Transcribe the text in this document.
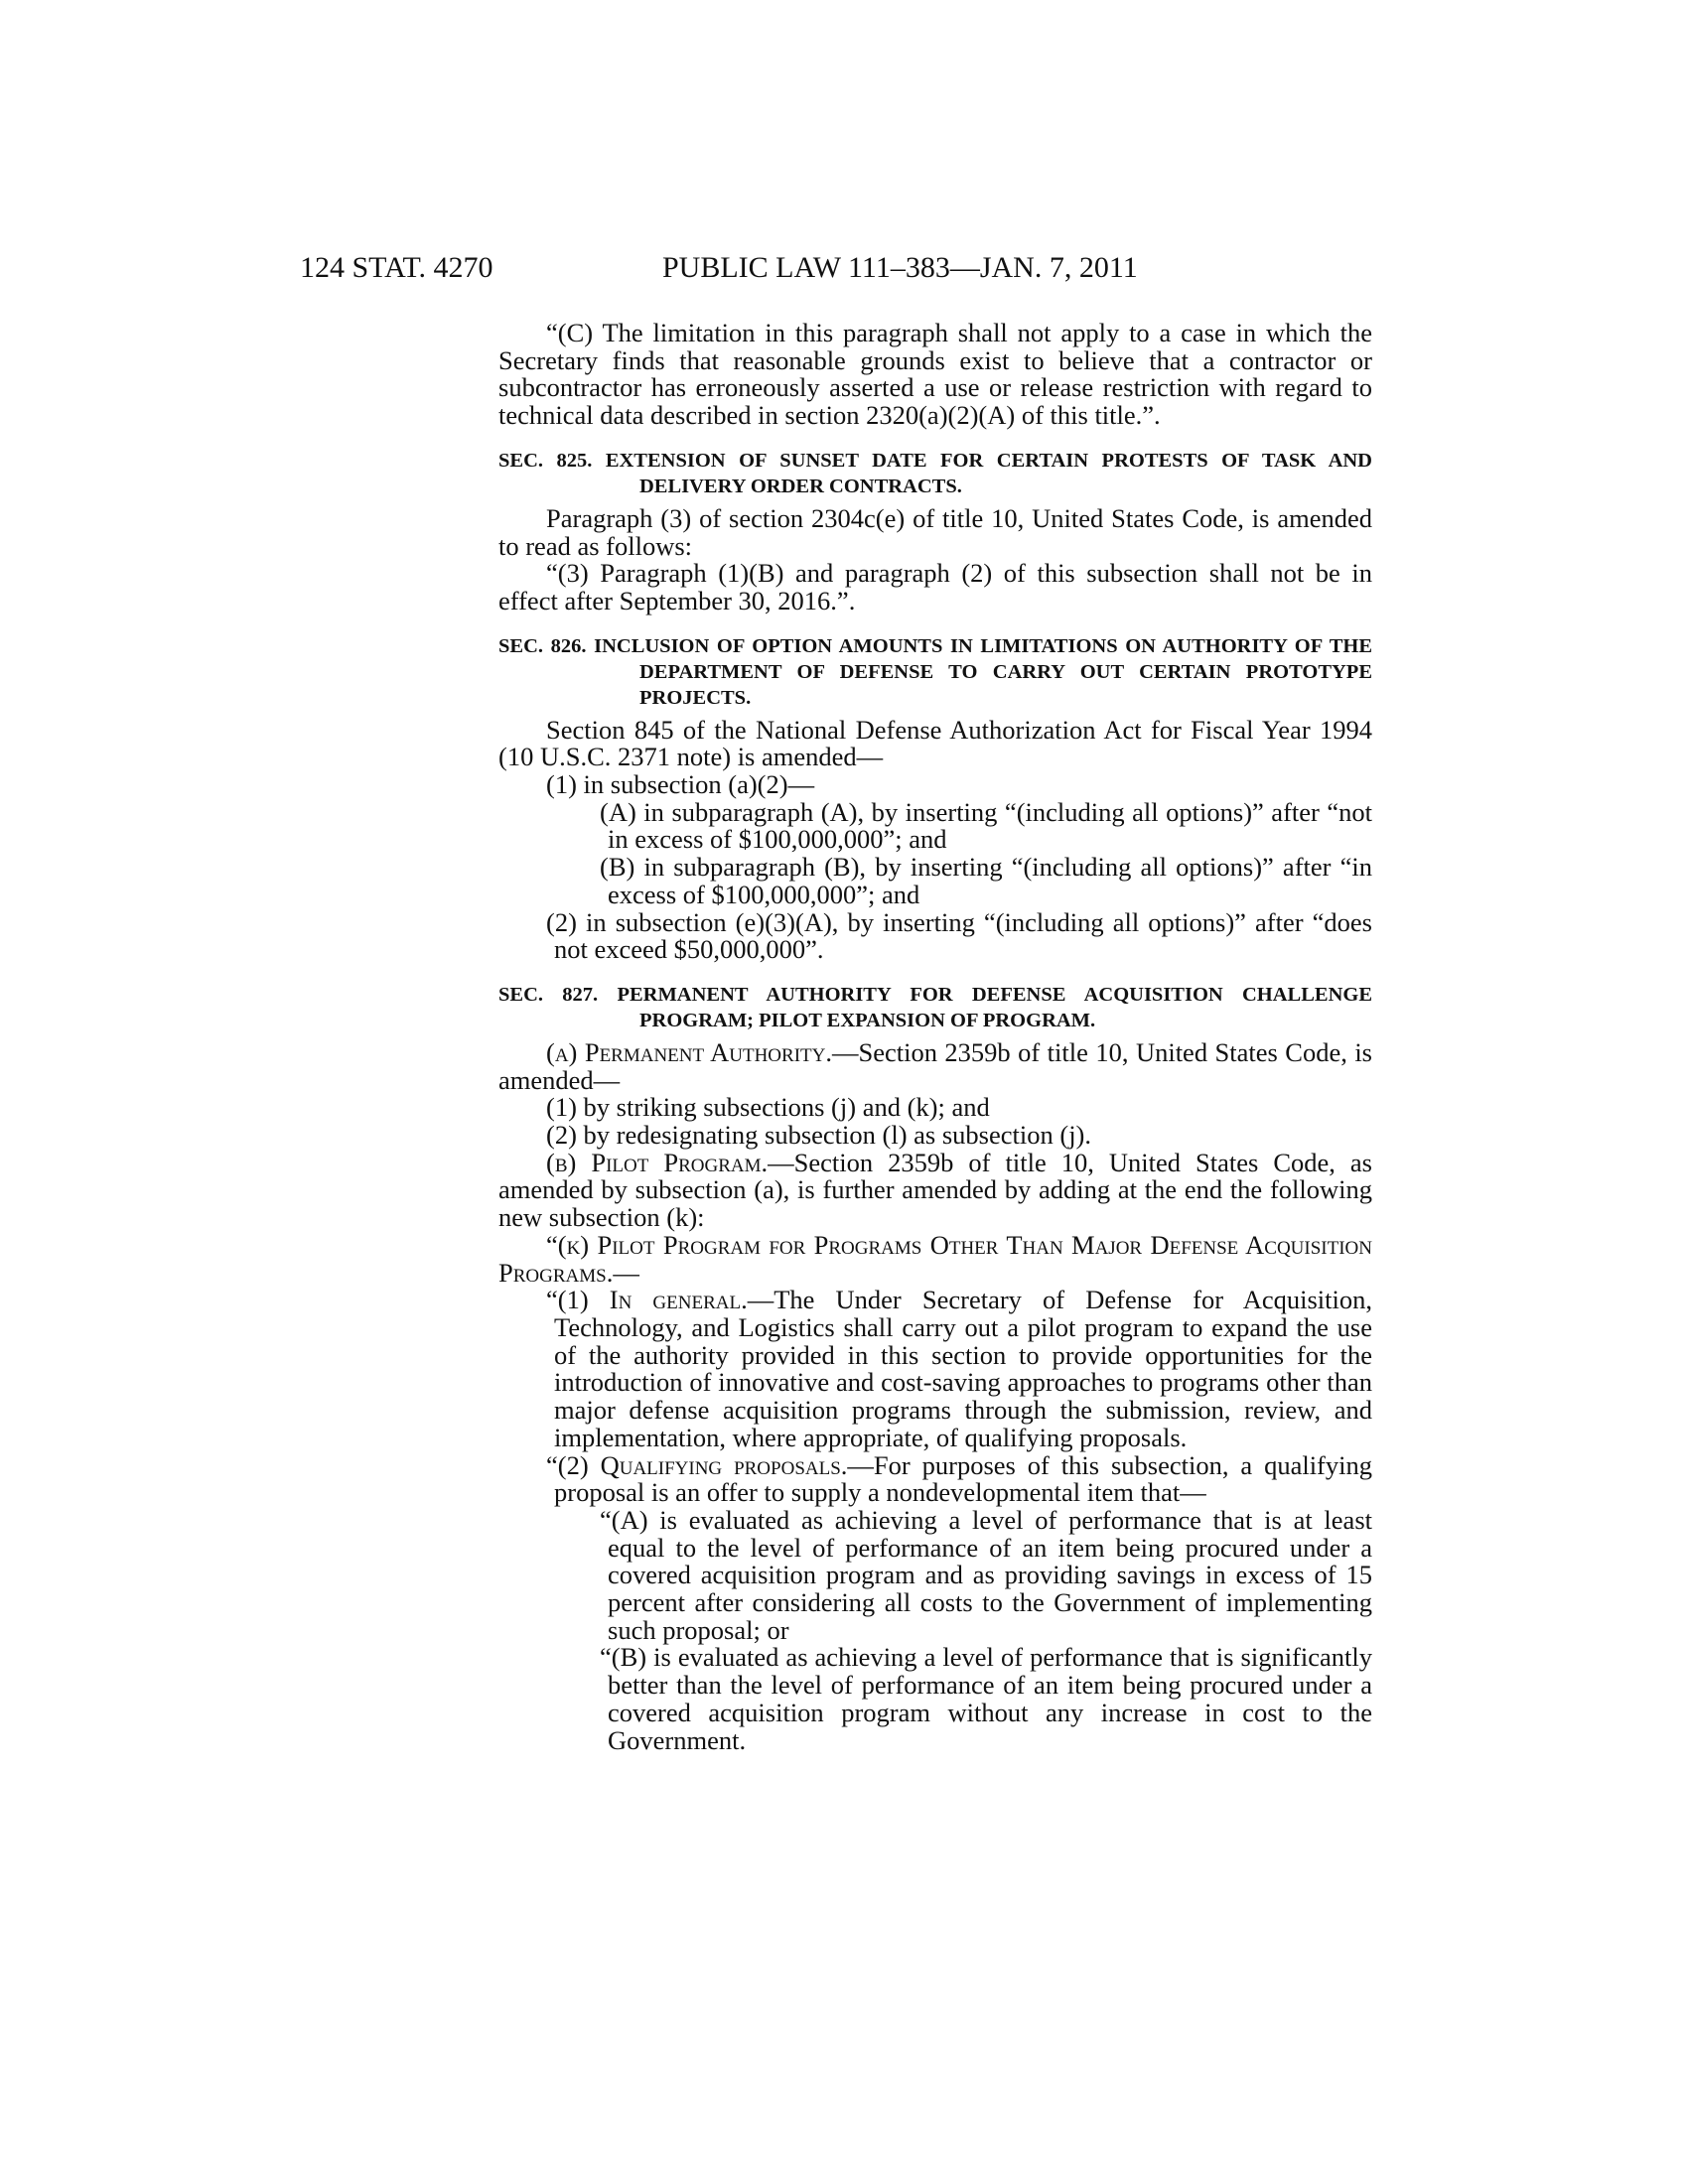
124 STAT. 4270	PUBLIC LAW 111–383—JAN. 7, 2011

“(C) The limitation in this paragraph shall not apply to a case in which the Secretary finds that reasonable grounds exist to believe that a contractor or subcontractor has erroneously asserted a use or release restriction with regard to technical data described in section 2320(a)(2)(A) of this title.”.

SEC. 825. EXTENSION OF SUNSET DATE FOR CERTAIN PROTESTS OF TASK AND DELIVERY ORDER CONTRACTS.

Paragraph (3) of section 2304c(e) of title 10, United States Code, is amended to read as follows:

“(3) Paragraph (1)(B) and paragraph (2) of this subsection shall not be in effect after September 30, 2016.”.

SEC. 826. INCLUSION OF OPTION AMOUNTS IN LIMITATIONS ON AUTHORITY OF THE DEPARTMENT OF DEFENSE TO CARRY OUT CERTAIN PROTOTYPE PROJECTS.

Section 845 of the National Defense Authorization Act for Fiscal Year 1994 (10 U.S.C. 2371 note) is amended—

(1) in subsection (a)(2)—

(A) in subparagraph (A), by inserting “(including all options)” after “not in excess of $100,000,000”; and

(B) in subparagraph (B), by inserting “(including all options)” after “in excess of $100,000,000”; and

(2) in subsection (e)(3)(A), by inserting “(including all options)” after “does not exceed $50,000,000”.

SEC. 827. PERMANENT AUTHORITY FOR DEFENSE ACQUISITION CHALLENGE PROGRAM; PILOT EXPANSION OF PROGRAM.

(a) Permanent Authority.—Section 2359b of title 10, United States Code, is amended—

(1) by striking subsections (j) and (k); and

(2) by redesignating subsection (l) as subsection (j).

(b) Pilot Program.—Section 2359b of title 10, United States Code, as amended by subsection (a), is further amended by adding at the end the following new subsection (k):

“(k) Pilot Program for Programs Other Than Major Defense Acquisition Programs.—

“(1) In general.—The Under Secretary of Defense for Acquisition, Technology, and Logistics shall carry out a pilot program to expand the use of the authority provided in this section to provide opportunities for the introduction of innovative and cost-saving approaches to programs other than major defense acquisition programs through the submission, review, and implementation, where appropriate, of qualifying proposals.

“(2) Qualifying proposals.—For purposes of this subsection, a qualifying proposal is an offer to supply a nondevelopmental item that—

“(A) is evaluated as achieving a level of performance that is at least equal to the level of performance of an item being procured under a covered acquisition program and as providing savings in excess of 15 percent after considering all costs to the Government of implementing such proposal; or

“(B) is evaluated as achieving a level of performance that is significantly better than the level of performance of an item being procured under a covered acquisition program without any increase in cost to the Government.
